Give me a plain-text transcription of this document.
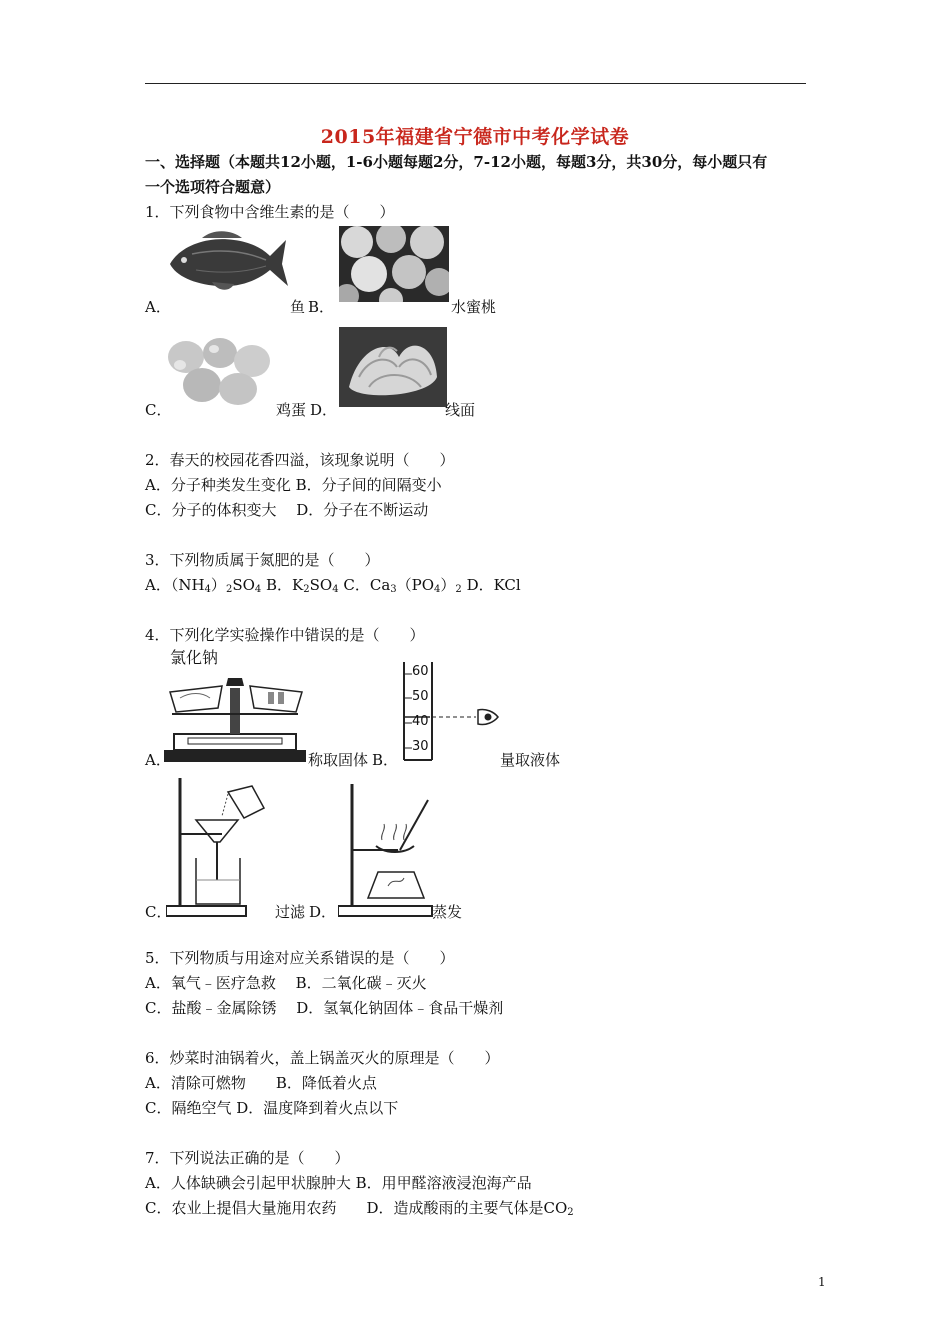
2015年福建省宁德市中考化学试卷
一、选择题（本题共12小题，1-6小题每题2分，7-12小题，每题3分，共30分，每小题只有
一个选项符合题意）
1．下列食物中含维生素的是（　　）
A．	鱼 B．	水蜜桃
C．	鸡蛋 D．	线面
2．春天的校园花香四溢，该现象说明（　　）
A．分子种类发生变化 B．分子间的间隔变小
C．分子的体积变大　 D．分子在不断运动
3．下列物质属于氮肥的是（　　）
A．$(NH_4)_2SO_4$ B．$K_2SO_4$ C．$Ca_3(PO_4)_2$ D．KCl
4．下列化学实验操作中错误的是（　　）
氯化钠
60
50
40
30
A．	称取固体 B．	量取液体
C．	过滤 D．	蒸发
5．下列物质与用途对应关系错误的是（　　）
A．氧气﹣医疗急救　 B．二氧化碳﹣灭火
C．盐酸﹣金属除锈　 D．氢氧化钠固体﹣食品干燥剂
6．炒菜时油锅着火，盖上锅盖灭火的原理是（　　）
A．清除可燃物　　B．降低着火点
C．隔绝空气 D．温度降到着火点以下
7．下列说法正确的是（　　）
A．人体缺碘会引起甲状腺肿大 B．用甲醛溶液浸泡海产品
C．农业上提倡大量施用农药　　D．造成酸雨的主要气体是$CO_2$
1
